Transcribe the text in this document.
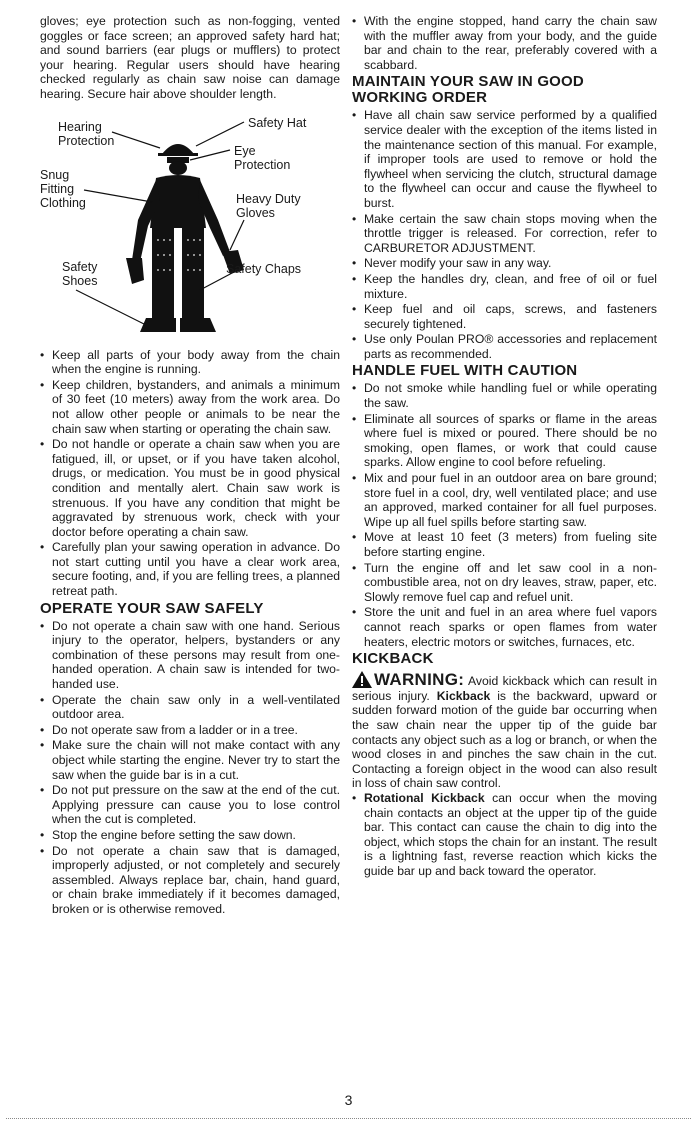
gloves; eye protection such as non-fogging, vented goggles or face screen; an approved safety hard hat; and sound barriers (ear plugs or mufflers) to protect your hearing. Regular users should have hearing checked regularly as chain saw noise can damage hearing. Secure hair above shoulder length.

Hearing
Protection
Safety Hat
Eye
Protection
Snug
Fitting
Clothing	Heavy Duty
Gloves
Safety
Shoes
Safety Chaps
• Keep all parts of your body away from the chain when the engine is running.
• Keep children, bystanders, and animals a minimum of 30 feet (10 meters) away from the work area. Do not allow other people or animals to be near the chain saw when starting or operating the chain saw.
• Do not handle or operate a chain saw when you are fatigued, ill, or upset, or if you have taken alcohol, drugs, or medication. You must be in good physical condition and mentally alert. Chain saw work is strenuous. If you have any condition that might be aggravated by strenuous work, check with your doctor before operating a chain saw.
• Carefully plan your sawing operation in advance. Do not start cutting until you have a clear work area, secure footing, and, if you are felling trees, a planned retreat path.
OPERATE YOUR SAW SAFELY
• Do not operate a chain saw with one hand. Serious injury to the operator, helpers, bystanders or any combination of these persons may result from one-handed operation. A chain saw is intended for two-handed use.
• Operate the chain saw only in a well-ventilated outdoor area.
• Do not operate saw from a ladder or in a tree.
• Make sure the chain will not make contact with any object while starting the engine. Never try to start the saw when the guide bar is in a cut.
• Do not put pressure on the saw at the end of the cut. Applying pressure can cause you to lose control when the cut is completed.
• Stop the engine before setting the saw down.
• Do not operate a chain saw that is damaged, improperly adjusted, or not completely and securely assembled. Always replace bar, chain, hand guard, or chain brake immediately if it becomes damaged, broken or is otherwise removed.
• With the engine stopped, hand carry the chain saw with the muffler away from your body, and the guide bar and chain to the rear, preferably covered with a scabbard.
MAINTAIN YOUR SAW IN GOOD WORKING ORDER
• Have all chain saw service performed by a qualified service dealer with the exception of the items listed in the maintenance section of this manual. For example, if improper tools are used to remove or hold the flywheel when servicing the clutch, structural damage to the flywheel can occur and cause the flywheel to burst.
• Make certain the saw chain stops moving when the throttle trigger is released. For correction, refer to CARBURETOR ADJUSTMENT.
• Never modify your saw in any way.
• Keep the handles dry, clean, and free of oil or fuel mixture.
• Keep fuel and oil caps, screws, and fasteners securely tightened.
• Use only Poulan PRO® accessories and replacement parts as recommended.
HANDLE FUEL WITH CAUTION
• Do not smoke while handling fuel or while operating the saw.
• Eliminate all sources of sparks or flame in the areas where fuel is mixed or poured. There should be no smoking, open flames, or work that could cause sparks. Allow engine to cool before refueling.
• Mix and pour fuel in an outdoor area on bare ground; store fuel in a cool, dry, well ventilated place; and use an approved, marked container for all fuel purposes. Wipe up all fuel spills before starting saw.
• Move at least 10 feet (3 meters) from fueling site before starting engine.
• Turn the engine off and let saw cool in a non-combustible area, not on dry leaves, straw, paper, etc. Slowly remove fuel cap and refuel unit.
• Store the unit and fuel in an area where fuel vapors cannot reach sparks or open flames from water heaters, electric motors or switches, furnaces, etc.
KICKBACK

WARNING: Avoid kickback which can result in serious injury. Kickback is the backward, upward or sudden forward motion of the guide bar occurring when the saw chain near the upper tip of the guide bar contacts any object such as a log or branch, or when the wood closes in and pinches the saw chain in the cut. Contacting a foreign object in the wood can also result in loss of chain saw control.

• Rotational Kickback can occur when the moving chain contacts an object at the upper tip of the guide bar. This contact can cause the chain to dig into the object, which stops the chain for an instant. The result is a lightning fast, reverse reaction which kicks the guide bar up and back toward the operator.
3
